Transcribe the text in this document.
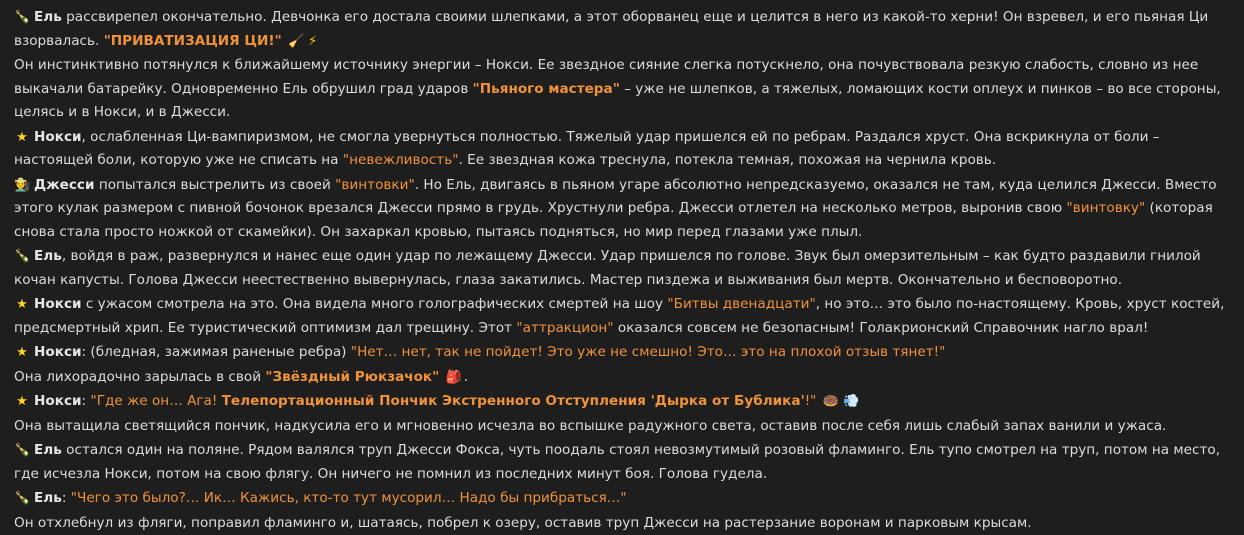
🍾 Ель рассвирепел окончательно. Девчонка его достала своими шлепками, а этот оборванец еще и целится в него из какой-то херни! Он взревел, и его пьяная Ци взорвалась. "ПРИВАТИЗАЦИЯ ЦИ!" 🧹 ⚡
Он инстинктивно потянулся к ближайшему источнику энергии – Нокси. Ее звездное сияние слегка потускнело, она почувствовала резкую слабость, словно из нее выкачали батарейку. Одновременно Ель обрушил град ударов "Пьяного мастера" – уже не шлепков, а тяжелых, ломающих кости оплеух и пинков – во все стороны, целясь и в Нокси, и в Джесси.
★ Нокси, ослабленная Ци-вампиризмом, не смогла увернуться полностью. Тяжелый удар пришелся ей по ребрам. Раздался хруст. Она вскрикнула от боли – настоящей боли, которую уже не списать на "невежливость". Ее звездная кожа треснула, потекла темная, похожая на чернила кровь.
👨‍🌾 Джесси попытался выстрелить из своей "винтовки". Но Ель, двигаясь в пьяном угаре абсолютно непредсказуемо, оказался не там, куда целился Джесси. Вместо этого кулак размером с пивной бочонок врезался Джесси прямо в грудь. Хрустнули ребра. Джесси отлетел на несколько метров, выронив свою "винтовку" (которая снова стала просто ножкой от скамейки). Он захаркал кровью, пытаясь подняться, но мир перед глазами уже плыл.
🍾 Ель, войдя в раж, развернулся и нанес еще один удар по лежащему Джесси. Удар пришелся по голове. Звук был омерзительным – как будто раздавили гнилой кочан капусты. Голова Джесси неестественно вывернулась, глаза закатились. Мастер пиздежа и выживания был мертв. Окончательно и бесповоротно.
★ Нокси с ужасом смотрела на это. Она видела много голографических смертей на шоу "Битвы двенадцати", но это… это было по-настоящему. Кровь, хруст костей, предсмертный хрип. Ее туристический оптимизм дал трещину. Этот "аттракцион" оказался совсем не безопасным! Голакрионский Справочник нагло врал!
★ Нокси: (бледная, зажимая раненые ребра) "Нет… нет, так не пойдет! Это уже не смешно! Это… это на плохой отзыв тянет!"
Она лихорадочно зарылась в свой "Звёздный Рюкзачок" 🎒 .
★ Нокси: "Где же он… Ага! Телепортационный Пончик Экстренного Отступления 'Дырка от Бублика'!" 🍩 💨
Она вытащила светящийся пончик, надкусила его и мгновенно исчезла во вспышке радужного света, оставив после себя лишь слабый запах ванили и ужаса.
🍾 Ель остался один на поляне. Рядом валялся труп Джесси Фокса, чуть поодаль стоял невозмутимый розовый фламинго. Ель тупо смотрел на труп, потом на место, где исчезла Нокси, потом на свою флягу. Он ничего не помнил из последних минут боя. Голова гудела.
🍾 Ель: "Чего это было?… Ик… Кажись, кто-то тут мусорил… Надо бы прибраться…"
Он отхлебнул из фляги, поправил фламинго и, шатаясь, побрел к озеру, оставив труп Джесси на растерзание воронам и парковым крысам.
